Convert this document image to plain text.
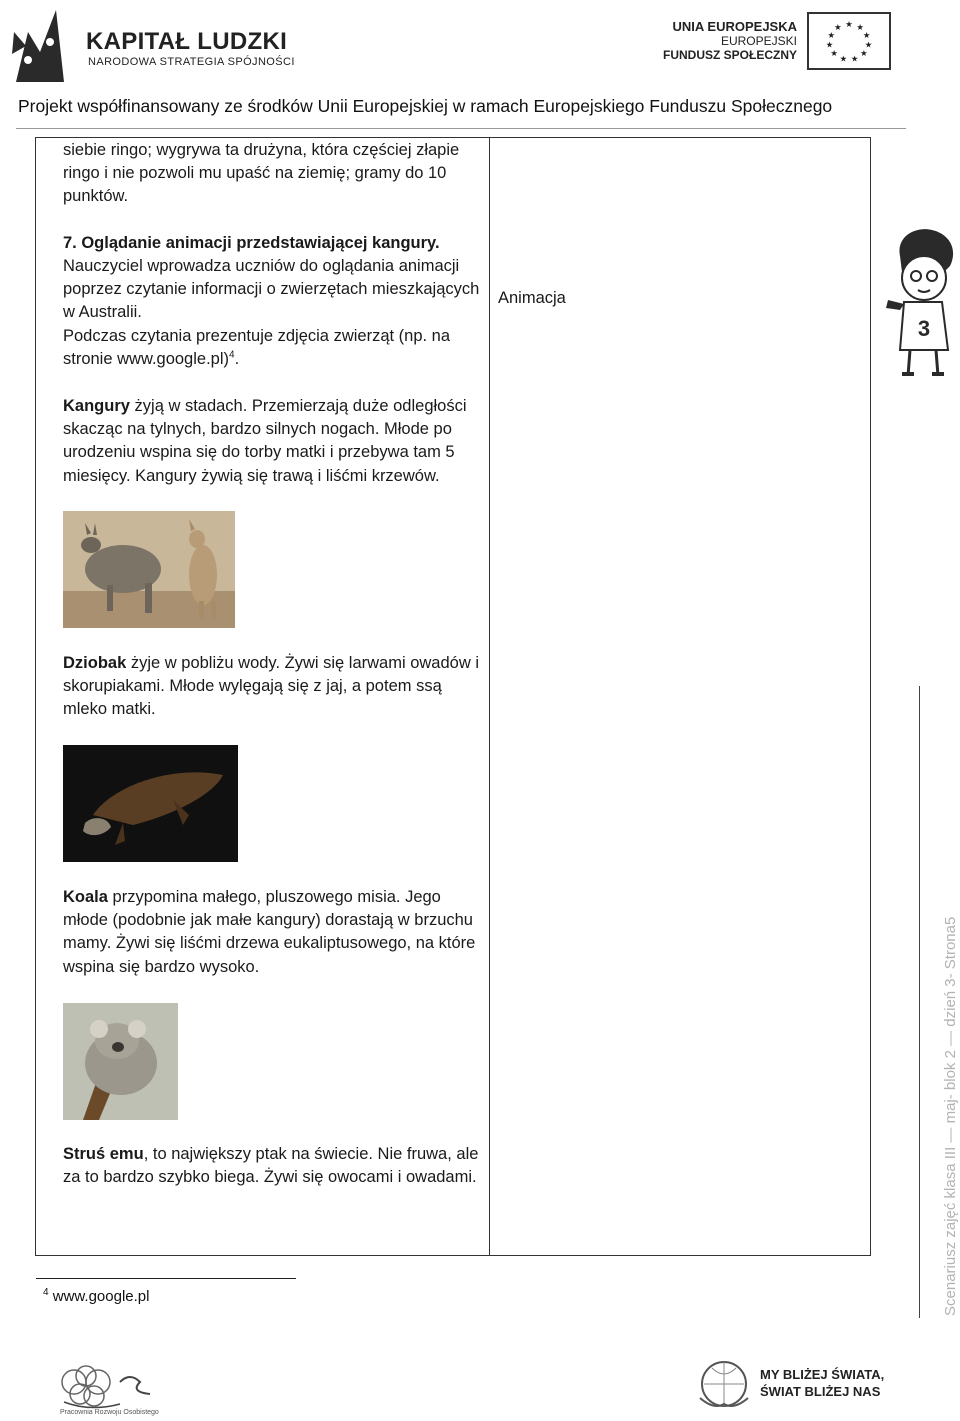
KAPITAŁ LUDZKI
NARODOWA STRATEGIA SPÓJNOŚCI
UNIA EUROPEJSKA
EUROPEJSKI
FUNDUSZ SPOŁECZNY
★ ★
★
★
★
★
★
★
★
★
★
Projekt współfinansowany ze środków Unii Europejskiej w ramach Europejskiego Funduszu Społecznego

siebie ringo; wygrywa ta drużyna, która częściej złapie ringo i nie pozwoli mu upaść na ziemię; gramy do 10 punktów.

7. Oglądanie animacji przedstawiającej kangury.

Nauczyciel wprowadza uczniów do oglądania animacji poprzez czytanie informacji o zwierzętach mieszkających w Australii.

Podczas czytania prezentuje zdjęcia zwierząt (np. na stronie www.google.pl)$^4$.

Kangury żyją w stadach. Przemierzają duże odległości skacząc na tylnych, bardzo silnych nogach. Młode po urodzeniu wspina się do torby matki i przebywa tam 5 miesięcy. Kangury żywią się trawą i liśćmi krzewów.

Dziobak żyje w pobliżu wody. Żywi się larwami owadów i skorupiakami. Młode wylęgają się z jaj, a potem ssą mleko matki.

Koala przypomina małego, pluszowego misia. Jego młode (podobnie jak małe kangury) dorastają w brzuchu mamy. Żywi się liśćmi drzewa eukaliptusowego, na które wspina się bardzo wysoko.

Struś emu, to największy ptak na świecie. Nie fruwa, ale za to bardzo szybko biega. Żywi się owocami i owadami.

Animacja
3
Scenariusz zajęć klasa III — maj- blok 2 — dzień 3- Strona5
$^4$ www.google.pl
Pracownia Rozwoju Osobistego
MY BLIŻEJ ŚWIATA,
ŚWIAT BLIŻEJ NAS
